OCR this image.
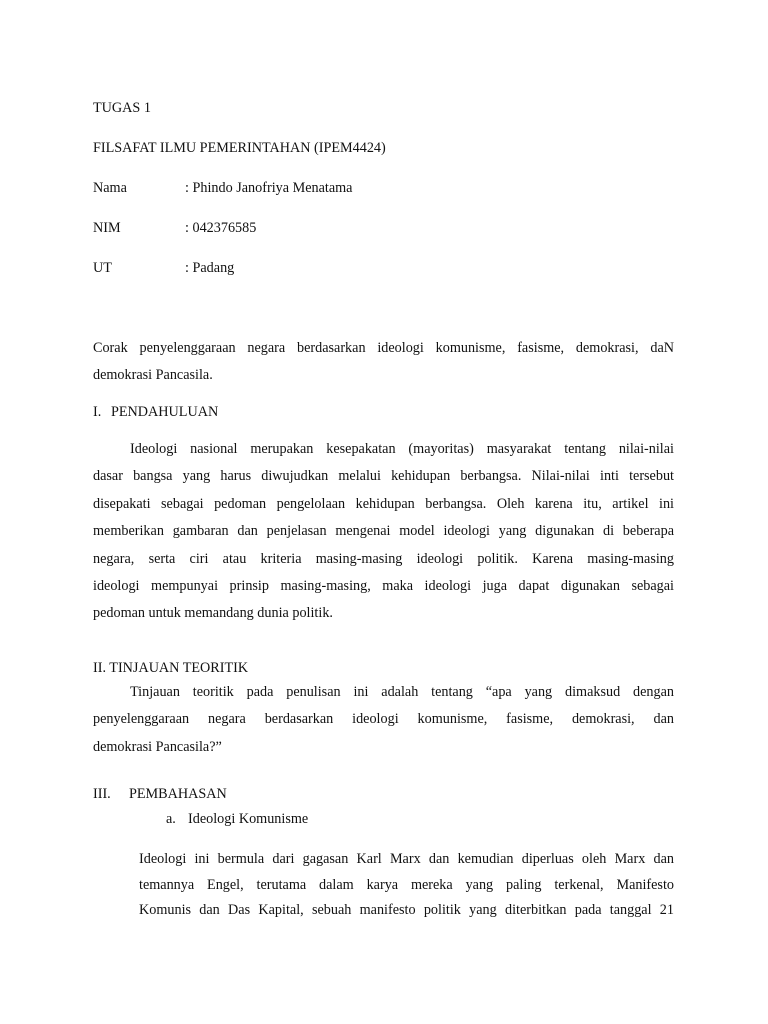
TUGAS 1
FILSAFAT ILMU PEMERINTAHAN (IPEM4424)
Nama	: Phindo Janofriya Menatama
NIM	: 042376585
UT	: Padang
Corak penyelenggaraan negara berdasarkan ideologi komunisme, fasisme, demokrasi, daN
demokrasi Pancasila.
I. PENDAHULUAN
Ideologi nasional merupakan kesepakatan (mayoritas) masyarakat tentang nilai-nilai
dasar bangsa yang harus diwujudkan melalui kehidupan berbangsa. Nilai-nilai inti tersebut
disepakati sebagai pedoman pengelolaan kehidupan berbangsa. Oleh karena itu, artikel ini
memberikan gambaran dan penjelasan mengenai model ideologi yang digunakan di beberapa
negara, serta ciri atau kriteria masing-masing ideologi politik. Karena masing-masing
ideologi mempunyai prinsip masing-masing, maka ideologi juga dapat digunakan sebagai
pedoman untuk memandang dunia politik.
II. TINJAUAN TEORITIK
Tinjauan teoritik pada penulisan ini adalah tentang “apa yang dimaksud dengan
penyelenggaraan negara berdasarkan ideologi komunisme, fasisme, demokrasi, dan
demokrasi Pancasila?”
III. PEMBAHASAN
a. Ideologi Komunisme
Ideologi ini bermula dari gagasan Karl Marx dan kemudian diperluas oleh Marx dan
temannya Engel, terutama dalam karya mereka yang paling terkenal, Manifesto
Komunis dan Das Kapital, sebuah manifesto politik yang diterbitkan pada tanggal 21
